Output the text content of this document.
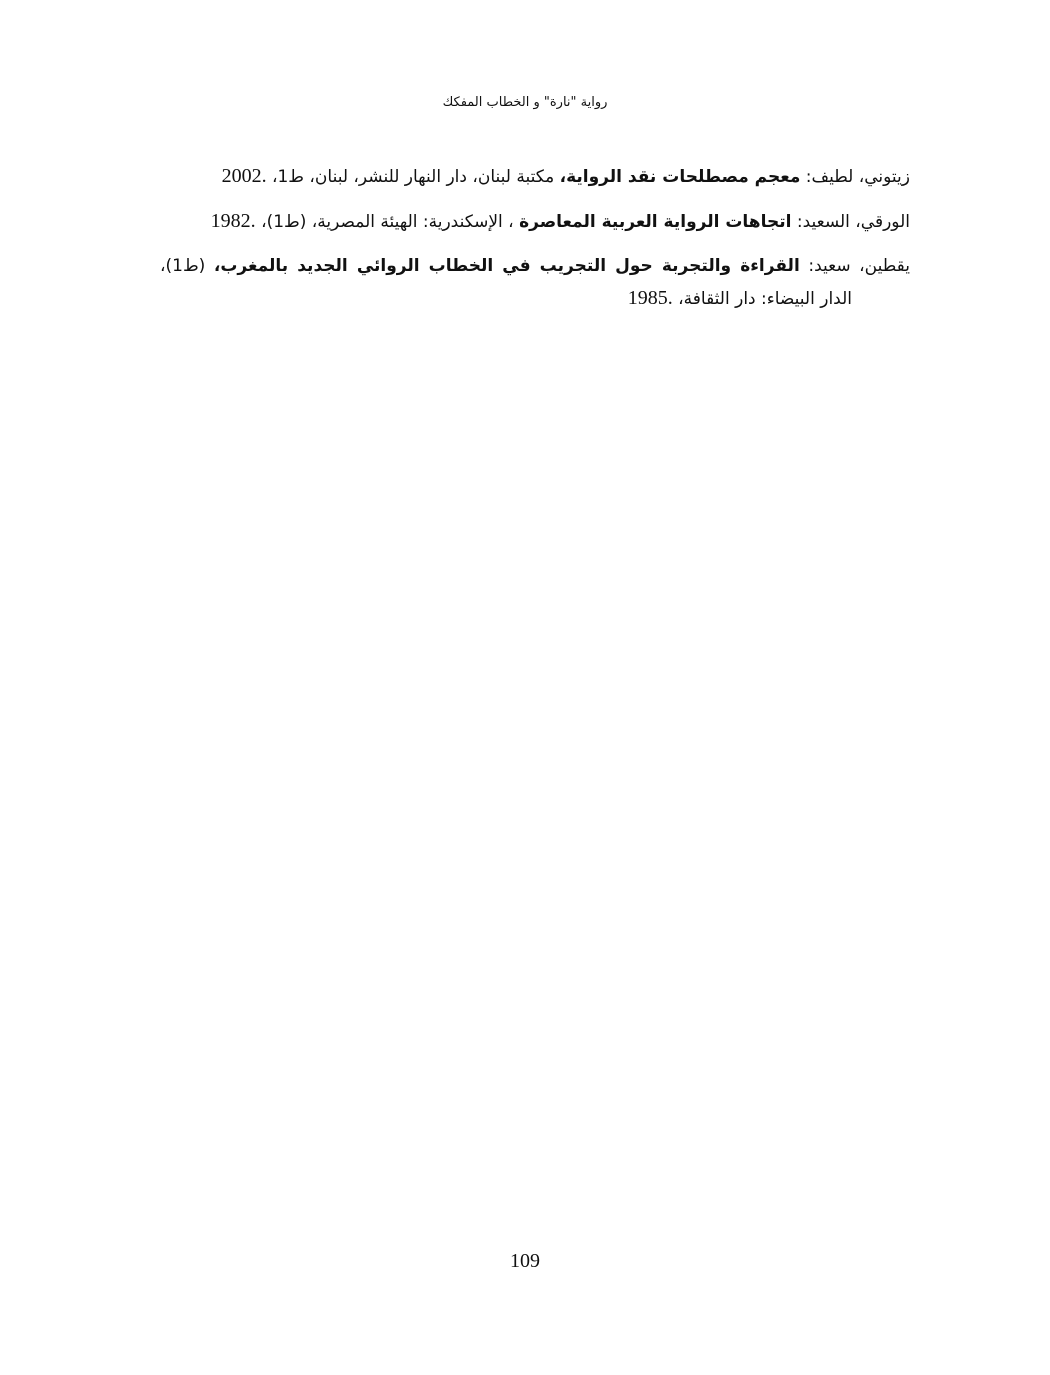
رواية "نارة" و الخطاب المفكك

زيتوني، لطيف: معجم مصطلحات نقد الرواية، مكتبة لبنان، دار النهار للنشر، لبنان، ط1، 2002.

الورقي، السعيد: اتجاهات الرواية العربية المعاصرة ، الإسكندرية: الهيئة المصرية، (ط1)، 1982.

يقطين، سعيد: القراءة والتجربة حول التجريب في الخطاب الروائي الجديد بالمغرب، (ط1)، الدار البيضاء: دار الثقافة، 1985.

109
